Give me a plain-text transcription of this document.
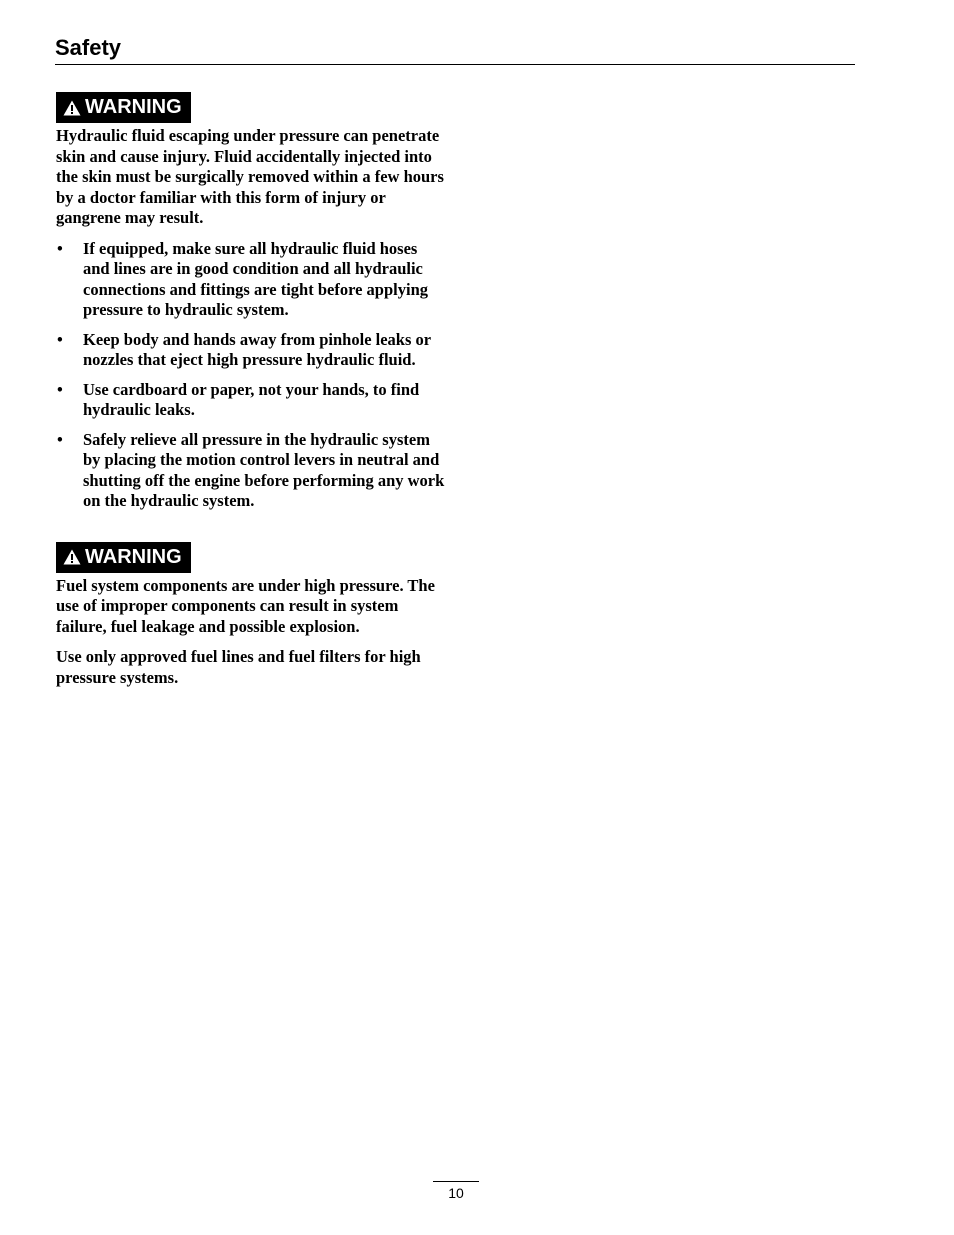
Safety
WARNING

Hydraulic fluid escaping under pressure can penetrate skin and cause injury. Fluid accidentally injected into the skin must be surgically removed within a few hours by a doctor familiar with this form of injury or gangrene may result.

• If equipped, make sure all hydraulic fluid hoses and lines are in good condition and all hydraulic connections and fittings are tight before applying pressure to hydraulic system.
• Keep body and hands away from pinhole leaks or nozzles that eject high pressure hydraulic fluid.
• Use cardboard or paper, not your hands, to find hydraulic leaks.
• Safely relieve all pressure in the hydraulic system by placing the motion control levers in neutral and shutting off the engine before performing any work on the hydraulic system.
WARNING

Fuel system components are under high pressure. The use of improper components can result in system failure, fuel leakage and possible explosion.

Use only approved fuel lines and fuel filters for high pressure systems.

10
